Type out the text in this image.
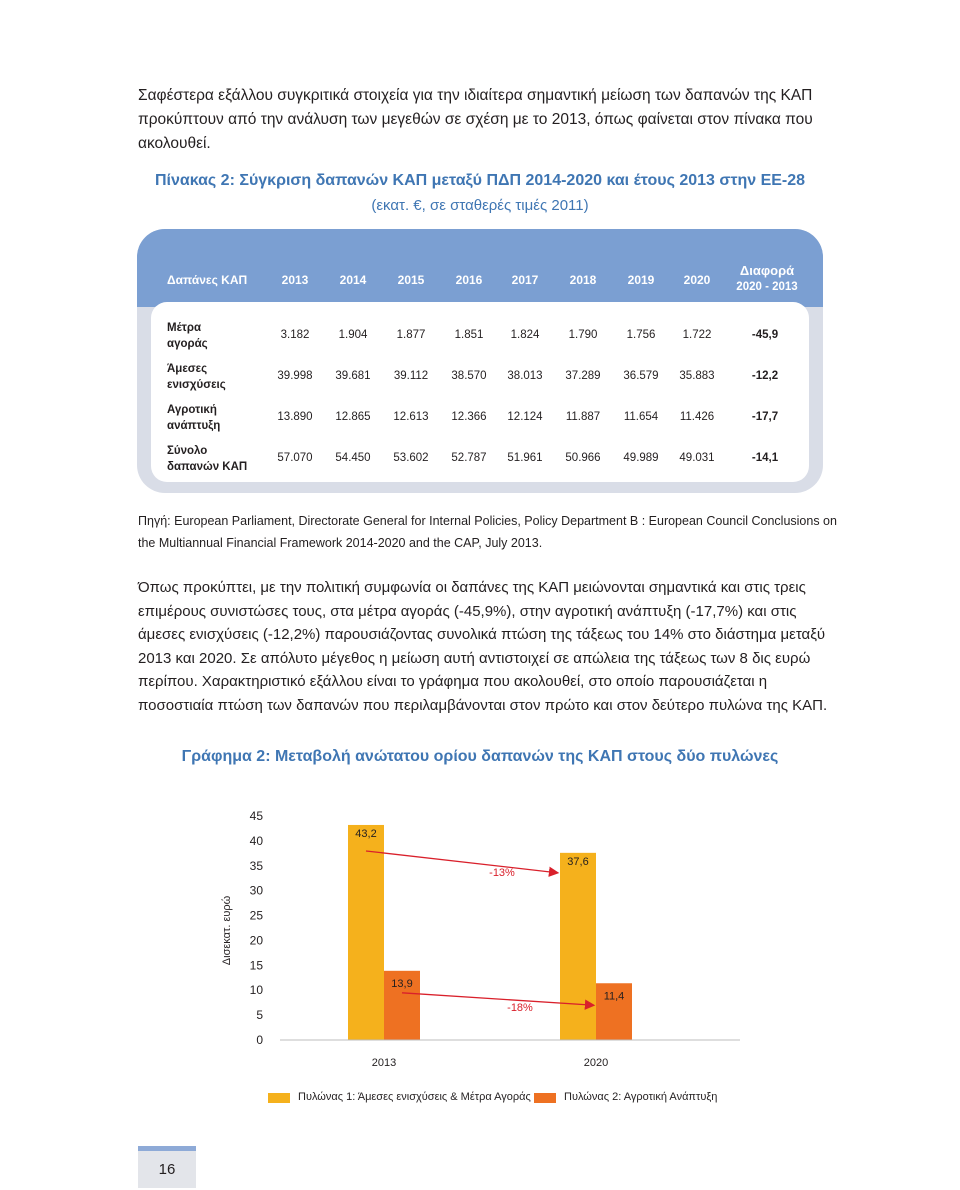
Σαφέστερα εξάλλου συγκριτικά στοιχεία για την ιδιαίτερα σημαντική μείωση των δαπανών της ΚΑΠ προκύπτουν από την ανάλυση των μεγεθών σε σχέση με το 2013, όπως φαίνεται στον πίνακα που ακολουθεί.

Πίνακας 2: Σύγκριση δαπανών ΚΑΠ μεταξύ ΠΔΠ 2014-2020 και έτους 2013 στην ΕΕ-28

(εκατ. €, σε σταθερές τιμές 2011)

Δαπάνες ΚΑΠ	2013	2014	2015	2016	2017	2018	2019	2020
Διαφορά
2020 - 2013
Μέτρα
αγοράς
3.182	1.904	1.877	1.851	1.824	1.790	1.756	1.722	-45,9
Άμεσες
ενισχύσεις
39.998	39.681	39.112	38.570	38.013	37.289	36.579	35.883	-12,2
Αγροτική
ανάπτυξη
13.890	12.865	12.613	12.366	12.124	11.887	11.654	11.426	-17,7
Σύνολο
δαπανών ΚΑΠ
57.070	54.450	53.602	52.787	51.961	50.966	49.989	49.031	-14,1

Πηγή: European Parliament, Directorate General for Internal Policies, Policy Department B : European Council Conclusions on the Multiannual Financial Framework 2014-2020 and the CAP, July 2013.

Όπως προκύπτει, με την πολιτική συμφωνία οι δαπάνες της ΚΑΠ μειώνονται σημαντικά και στις τρεις επιμέρους συνιστώσες τους, στα μέτρα αγοράς (-45,9%), στην αγροτική ανάπτυξη (-17,7%) και στις άμεσες ενισχύσεις (-12,2%) παρουσιάζοντας συνολικά πτώση της τάξεως του 14% στο διάστημα μεταξύ 2013 και 2020. Σε απόλυτο μέγεθος η μείωση αυτή αντιστοιχεί σε απώλεια της τάξεως των 8 δις ευρώ περίπου. Χαρακτηριστικό εξάλλου είναι το γράφημα που ακολουθεί, στο οποίο παρουσιάζεται η ποσοστιαία πτώση των δαπανών που περιλαμβάνονται στον πρώτο και στον δεύτερο πυλώνα της ΚΑΠ.

Γράφημα 2: Μεταβολή ανώτατου ορίου δαπανών της ΚΑΠ στους δύο πυλώνες

0
5
10
15
20
25
30
35
40
45
Δισεκατ. ευρώ
43,2
37,6
13,9
11,4
2013	2020
-13%
-18%
Πυλώνας 1: Άμεσες ενισχύσεις & Μέτρα Αγοράς	Πυλώνας 2: Αγροτική Ανάπτυξη
16
